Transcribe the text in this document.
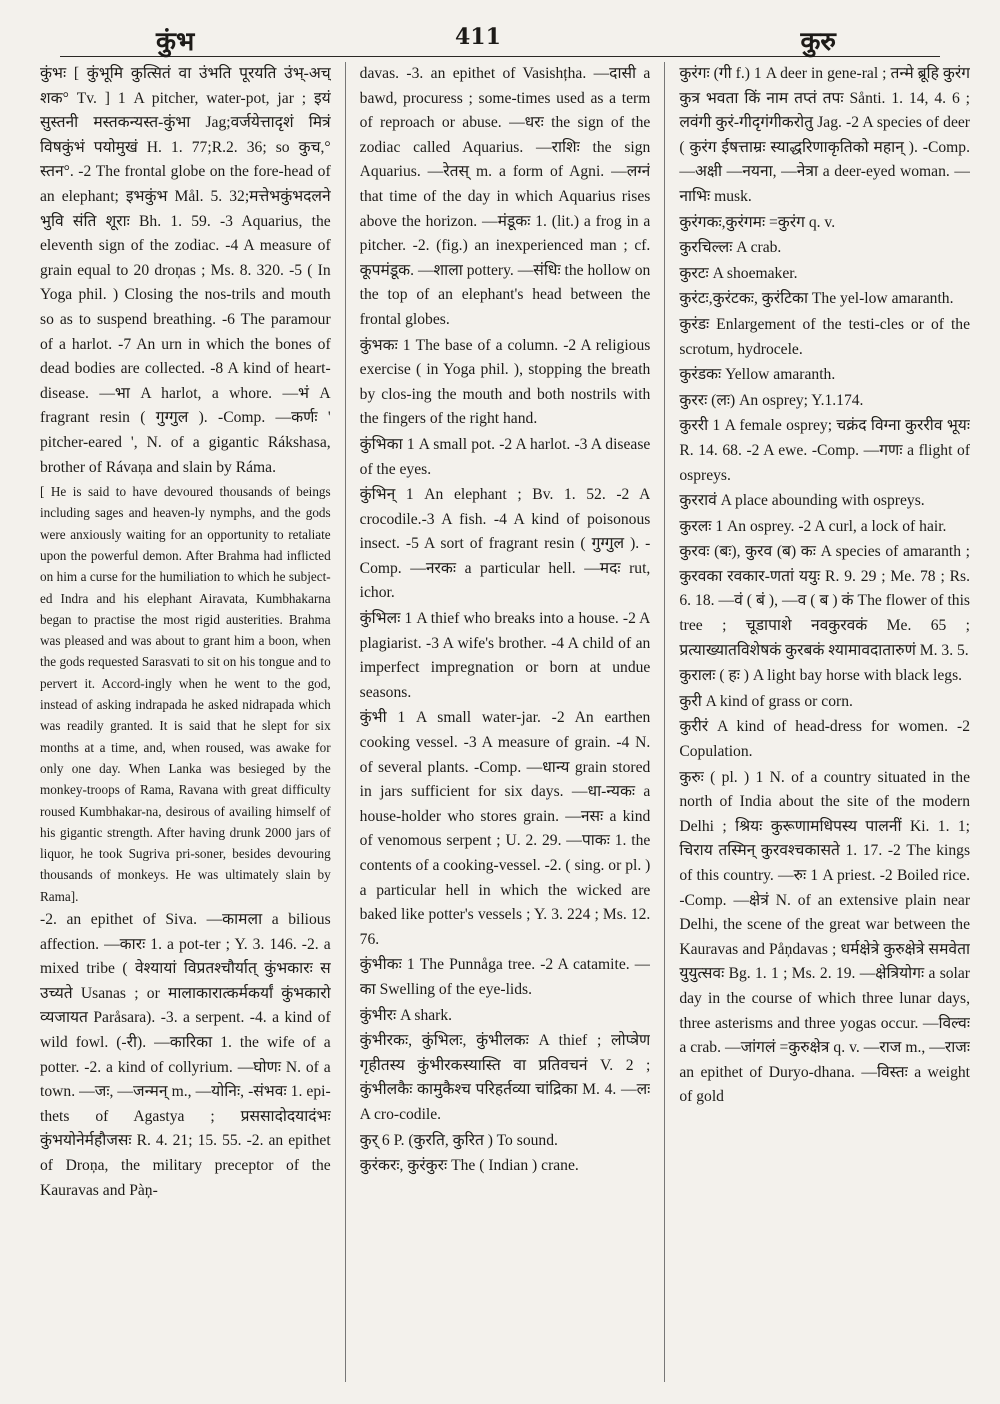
कुंभ	411	कुरु

कुंभः [ कुंभूमि कुत्सितं वा उंभति पूरयति उंभ्-अच् शक° Tv. ] 1 A pitcher, water-pot, jar ; इयं सुस्तनी मस्तकन्यस्त-कुंभा Jag;वर्जयेत्तादृशं मित्रं विषकुंभं पयोमुखं H. 1. 77;R.2. 36; so कुच,° स्तन°. -2 The frontal globe on the fore-head of an elephant; इभकुंभ Mål. 5. 32;मत्तेभकुंभदलने भुवि संति शूराः Bh. 1. 59. -3 Aquarius, the eleventh sign of the zodiac. -4 A measure of grain equal to 20 droņas ; Ms. 8. 320. -5 ( In Yoga phil. ) Closing the nos-trils and mouth so as to suspend breathing. -6 The paramour of a harlot. -7 An urn in which the bones of dead bodies are collected. -8 A kind of heart-disease. —भा A harlot, a whore. —भं A fragrant resin ( गुग्गुल ). -Comp. —कर्णः ' pitcher-eared ', N. of a gigantic Rákshasa, brother of Rávaņa and slain by Ráma.

[ He is said to have devoured thousands of beings including sages and heaven-ly nymphs, and the gods were anxiously waiting for an opportunity to retaliate upon the powerful demon. After Brahma had inflicted on him a curse for the humiliation to which he subject-ed Indra and his elephant Airavata, Kumbhakarna began to practise the most rigid austerities. Brahma was pleased and was about to grant him a boon, when the gods requested Sarasvati to sit on his tongue and to pervert it. Accord-ingly when he went to the god, instead of asking indrapada he asked nidrapada which was readily granted. It is said that he slept for six months at a time, and, when roused, was awake for only one day. When Lanka was besieged by the monkey-troops of Rama, Ravana with great difficulty roused Kumbhakar-na, desirous of availing himself of his gigantic strength. After having drunk 2000 jars of liquor, he took Sugriva pri-soner, besides devouring thousands of monkeys. He was ultimately slain by Rama].

-2. an epithet of Siva. —कामला a bilious affection. —कारः 1. a pot-ter ; Y. 3. 146. -2. a mixed tribe ( वेश्यायां विप्रतश्चौर्यात् कुंभकारः स उच्यते Usanas ; or मालाकारात्कर्मकर्यां कुंभकारो व्यजायत Paråsara). -3. a serpent. -4. a kind of wild fowl. (-री). —कारिका 1. the wife of a potter. -2. a kind of collyrium. —घोणः N. of a town. —जः, —जन्मन् m., —योनिः, -संभवः 1. epi-thets of Agastya ; प्रससादोदयादंभः कुंभयोनेर्महौजसः R. 4. 21; 15. 55. -2. an epithet of Droņa, the military preceptor of the Kauravas and Pàņ-

davas. -3. an epithet of Vasishțha. —दासी a bawd, procuress ; some-times used as a term of reproach or abuse. —धरः the sign of the zodiac called Aquarius. —राशिः the sign Aquarius. —रेतस् m. a form of Agni. —लग्नं that time of the day in which Aquarius rises above the horizon. —मंडूकः 1. (lit.) a frog in a pitcher. -2. (fig.) an inexperienced man ; cf. कूपमंडूक. —शाला pottery. —संधिः the hollow on the top of an elephant's head between the frontal globes.

कुंभकः 1 The base of a column. -2 A religious exercise ( in Yoga phil. ), stopping the breath by clos-ing the mouth and both nostrils with the fingers of the right hand.

कुंभिका 1 A small pot. -2 A harlot. -3 A disease of the eyes.

कुंभिन् 1 An elephant ; Bv. 1. 52. -2 A crocodile.-3 A fish. -4 A kind of poisonous insect. -5 A sort of fragrant resin ( गुग्गुल ). -Comp. —नरकः a particular hell. —मदः rut, ichor.

कुंभिलः 1 A thief who breaks into a house. -2 A plagiarist. -3 A wife's brother. -4 A child of an imperfect impregnation or born at undue seasons.

कुंभी 1 A small water-jar. -2 An earthen cooking vessel. -3 A measure of grain. -4 N. of several plants. -Comp. —धान्य grain stored in jars sufficient for six days. —धा-न्यकः a house-holder who stores grain. —नसः a kind of venomous serpent ; U. 2. 29. —पाकः 1. the contents of a cooking-vessel. -2. ( sing. or pl. ) a particular hell in which the wicked are baked like potter's vessels ; Y. 3. 224 ; Ms. 12. 76.

कुंभीकः 1 The Punnåga tree. -2 A catamite. —का Swelling of the eye-lids.

कुंभीरः A shark.

कुंभीरकः, कुंभिलः, कुंभीलकः A thief ; लोप्त्रेण गृहीतस्य कुंभीरकस्यास्ति वा प्रतिवचनं V. 2 ; कुंभीलकैः कामुकैश्च परिहर्तव्या चांद्रिका M. 4. —लः A cro-codile.

कुर् 6 P. (कुरति, कुरित ) To sound.

कुरंकरः, कुरंकुरः The ( Indian ) crane.

कुरंगः (गी f.) 1 A deer in gene-ral ; तन्मे ब्रूहि कुरंग कुत्र भवता किं नाम तप्तं तपः Sånti. 1. 14, 4. 6 ; लवंगी कुरं-गीदृगंगीकरोतु Jag. -2 A species of deer ( कुरंग ईषत्ताम्रः स्याद्धरिणाकृतिको महान् ). -Comp. —अक्षी —नयना, —नेत्रा a deer-eyed woman. —नाभिः musk.

कुरंगकः,कुरंगमः =कुरंग q. v.

कुरचिल्लः A crab.

कुरटः A shoemaker.

कुरंटः,कुरंटकः, कुरंटिका The yel-low amaranth.

कुरंडः Enlargement of the testi-cles or of the scrotum, hydrocele.

कुरंडकः Yellow amaranth.

कुररः (लः) An osprey; Y.1.174.

कुररी 1 A female osprey; चक्रंद विग्ना कुररीव भूयः R. 14. 68. -2 A ewe. -Comp. —गणः a flight of ospreys.

कुररावं A place abounding with ospreys.

कुरलः 1 An osprey. -2 A curl, a lock of hair.

कुरवः (बः), कुरव (ब) कः A species of amaranth ; कुरवका रवकार-णतां ययुः R. 9. 29 ; Me. 78 ; Rs. 6. 18. —वं ( बं ), —व ( ब ) कं The flower of this tree ; चूडापाशे नवकुरवकं Me. 65 ; प्रत्याख्यातविशेषकं कुरबकं श्यामावदातारुणं M. 3. 5.

कुरालः ( हः ) A light bay horse with black legs.

कुरी A kind of grass or corn.

कुरीरं A kind of head-dress for women. -2 Copulation.

कुरुः ( pl. ) 1 N. of a country situated in the north of India about the site of the modern Delhi ; श्रियः कुरूणामधिपस्य पालनीं Ki. 1. 1; चिराय तस्मिन् कुरवश्चकासते 1. 17. -2 The kings of this country. —रुः 1 A priest. -2 Boiled rice. -Comp. —क्षेत्रं N. of an extensive plain near Delhi, the scene of the great war between the Kauravas and Påņdavas ; धर्मक्षेत्रे कुरुक्षेत्रे समवेता युयुत्सवः Bg. 1. 1 ; Ms. 2. 19. —क्षेत्रियोगः a solar day in the course of which three lunar days, three asterisms and three yogas occur. —विल्वः a crab. —जांगलं =कुरुक्षेत्र q. v. —राज m., —राजः an epithet of Duryo-dhana. —विस्तः a weight of gold
